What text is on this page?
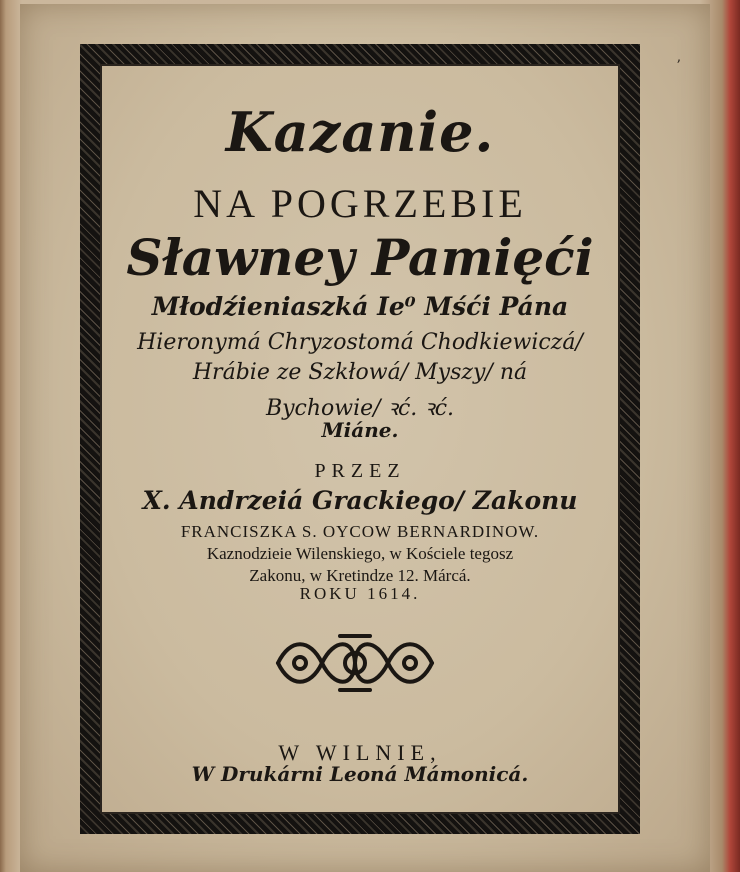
ʼ
Kazanie.
NA POGRZEBIE
Sławney Pamięći
Młodźieniaszká Ie⁰ Mśći Pána
Hieronymá Chryzostomá Chodkiewiczá/
Hrábie ze Szkłowá/ Myszy/ ná
Bychowie/ ꝛć. ꝛć.
Miáne.
PRZEZ
X. Andrzeiá Grackiego/ Zakonu
FRANCISZKA S. OYCOW BERNARDINOW.
Kaznodzieie Wilenskiego, w Kościele tegosz
Zakonu, w Kretindze 12. Márcá.
ROKU 1614.
W WILNIE,
W Drukárni Leoná Mámonicá.
